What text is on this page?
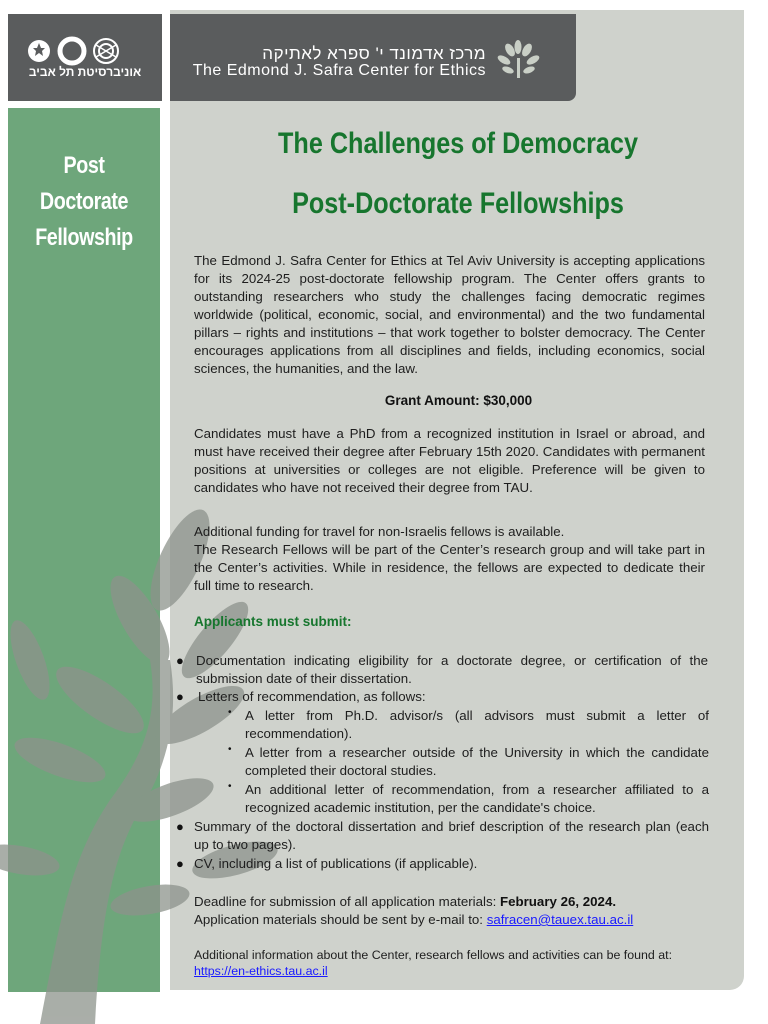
אוניברסיטת תל אביב
מרכז אדמונד י' ספרא לאתיקה
The Edmond J. Safra Center for Ethics
Post Doctorate
Fellowship
The Challenges of Democracy
Post-Doctorate Fellowships
The Edmond J. Safra Center for Ethics at Tel Aviv University is accepting applications for its 2024-25 post-doctorate fellowship program. The Center offers grants to outstanding researchers who study the challenges facing democratic regimes worldwide (political, economic, social, and environmental) and the two fundamental pillars – rights and institutions – that work together to bolster democracy. The Center encourages applications from all disciplines and fields, including economics, social sciences, the humanities, and the law.
Grant Amount: $30,000
Candidates must have a PhD from a recognized institution in Israel or abroad, and must have received their degree after February 15th 2020. Candidates with permanent positions at universities or colleges are not eligible. Preference will be given to candidates who have not received their degree from TAU.
Additional funding for travel for non-Israelis fellows is available.
The Research Fellows will be part of the Center’s research group and will take part in the Center’s activities. While in residence, the fellows are expected to dedicate their full time to research.
Applicants must submit:
● Documentation indicating eligibility for a doctorate degree, or certification of the submission date of their dissertation.
● Letters of recommendation, as follows:
• A letter from Ph.D. advisor/s (all advisors must submit a letter of recommendation).
• A letter from a researcher outside of the University in which the candidate completed their doctoral studies.
• An additional letter of recommendation, from a researcher affiliated to a recognized academic institution, per the candidate's choice.
● Summary of the doctoral dissertation and brief description of the research plan (each up to two pages).
● CV, including a list of publications (if applicable).
Deadline for submission of all application materials: February 26, 2024.
Application materials should be sent by e-mail to: safracen@tauex.tau.ac.il
Additional information about the Center, research fellows and activities can be found at:
https://en-ethics.tau.ac.il
